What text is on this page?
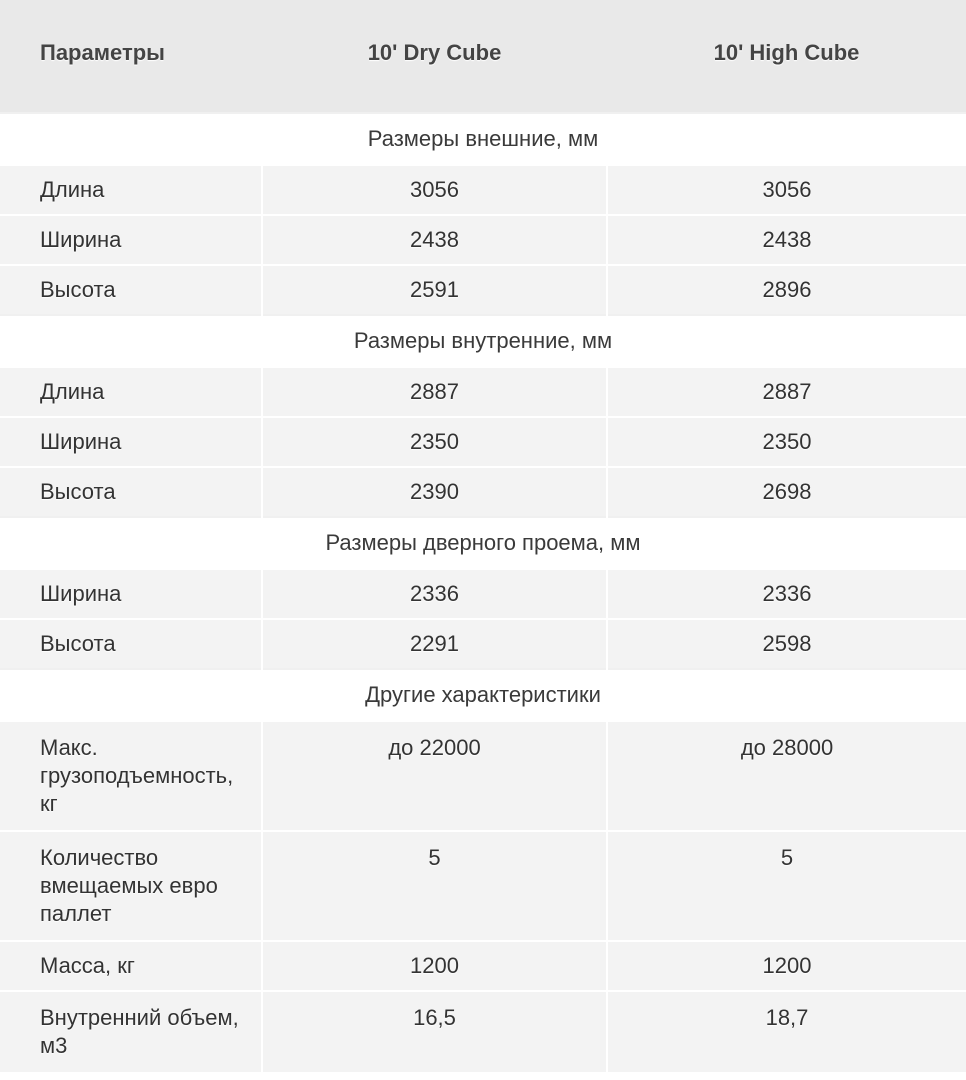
Параметры	10' Dry Cube	10' High Cube
Размеры внешние, мм		
Длина	3056	3056
Ширина	2438	2438
Высота	2591	2896
Размеры внутренние, мм		
Длина	2887	2887
Ширина	2350	2350
Высота	2390	2698
Размеры дверного проема, мм		
Ширина	2336	2336
Высота	2291	2598
Другие характеристики		
Макс. грузоподъемность, кг	до 22000	до 28000
Количество вмещаемых евро паллет	5	5
Масса, кг	1200	1200
Внутренний объем, м3	16,5	18,7
